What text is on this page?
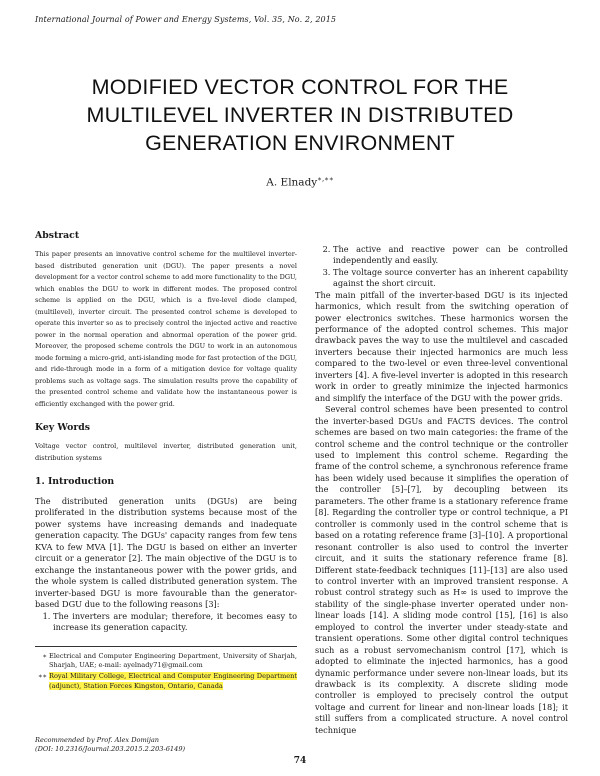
International Journal of Power and Energy Systems, Vol. 35, No. 2, 2015
MODIFIED VECTOR CONTROL FOR THE
MULTILEVEL INVERTER IN DISTRIBUTED
GENERATION ENVIRONMENT
A. Elnady∗,∗∗
Abstract

This paper presents an innovative control scheme for the multilevel inverter-based distributed generation unit (DGU). The paper presents a novel development for a vector control scheme to add more functionality to the DGU, which enables the DGU to work in different modes. The proposed control scheme is applied on the DGU, which is a five-level diode clamped, (multilevel), inverter circuit. The presented control scheme is developed to operate this inverter so as to precisely control the injected active and reactive power in the normal operation and abnormal operation of the power grid. Moreover, the proposed scheme controls the DGU to work in an autonomous mode forming a micro-grid, anti-islanding mode for fast protection of the DGU, and ride-through mode in a form of a mitigation device for voltage quality problems such as voltage sags. The simulation results prove the capability of the presented control scheme and validate how the instantaneous power is efficiently exchanged with the power grid.

Key Words

Voltage vector control, multilevel inverter, distributed generation unit, distribution systems

1. Introduction

The distributed generation units (DGUs) are being proliferated in the distribution systems because most of the power systems have increasing demands and inadequate generation capacity. The DGUs' capacity ranges from few tens KVA to few MVA [1]. The DGU is based on either an inverter circuit or a generator [2]. The main objective of the DGU is to exchange the instantaneous power with the power grids, and the whole system is called distributed generation system. The inverter-based DGU is more favourable than the generator-based DGU due to the following reasons [3]:

1. The inverters are modular; therefore, it becomes easy to increase its generation capacity.
∗ Electrical and Computer Engineering Department, University of Sharjah, Sharjah, UAE; e-mail: ayelnady71@gmail.com
∗∗ Royal Military College, Electrical and Computer Engineering Department (adjunct), Station Forces Kingston, Ontario, Canada
Recommended by Prof. Alex Domijan
(DOI: 10.2316/Journal.203.2015.2.203-6149)
2. The active and reactive power can be controlled independently and easily.
3. The voltage source converter has an inherent capability against the short circuit.

The main pitfall of the inverter-based DGU is its injected harmonics, which result from the switching operation of power electronics switches. These harmonics worsen the performance of the adopted control schemes. This major drawback paves the way to use the multilevel and cascaded inverters because their injected harmonics are much less compared to the two-level or even three-level conventional inverters [4]. A five-level inverter is adopted in this research work in order to greatly minimize the injected harmonics and simplify the interface of the DGU with the power grids.

Several control schemes have been presented to control the inverter-based DGUs and FACTS devices. The control schemes are based on two main categories: the frame of the control scheme and the control technique or the controller used to implement this control scheme. Regarding the frame of the control scheme, a synchronous reference frame has been widely used because it simplifies the operation of the controller [5]–[7], by decoupling between its parameters. The other frame is a stationary reference frame [8]. Regarding the controller type or control technique, a PI controller is commonly used in the control scheme that is based on a rotating reference frame [3]–[10]. A proportional resonant controller is also used to control the inverter circuit, and it suits the stationary reference frame [8]. Different state-feedback techniques [11]–[13] are also used to control inverter with an improved transient response. A robust control strategy such as H∞ is used to improve the stability of the single-phase inverter operated under non-linear loads [14]. A sliding mode control [15], [16] is also employed to control the inverter under steady-state and transient operations. Some other digital control techniques such as a robust servomechanism control [17], which is adopted to eliminate the injected harmonics, has a good dynamic performance under severe non-linear loads, but its drawback is its complexity. A discrete sliding mode controller is employed to precisely control the output voltage and current for linear and non-linear loads [18]; it still suffers from a complicated structure. A novel control technique

74
